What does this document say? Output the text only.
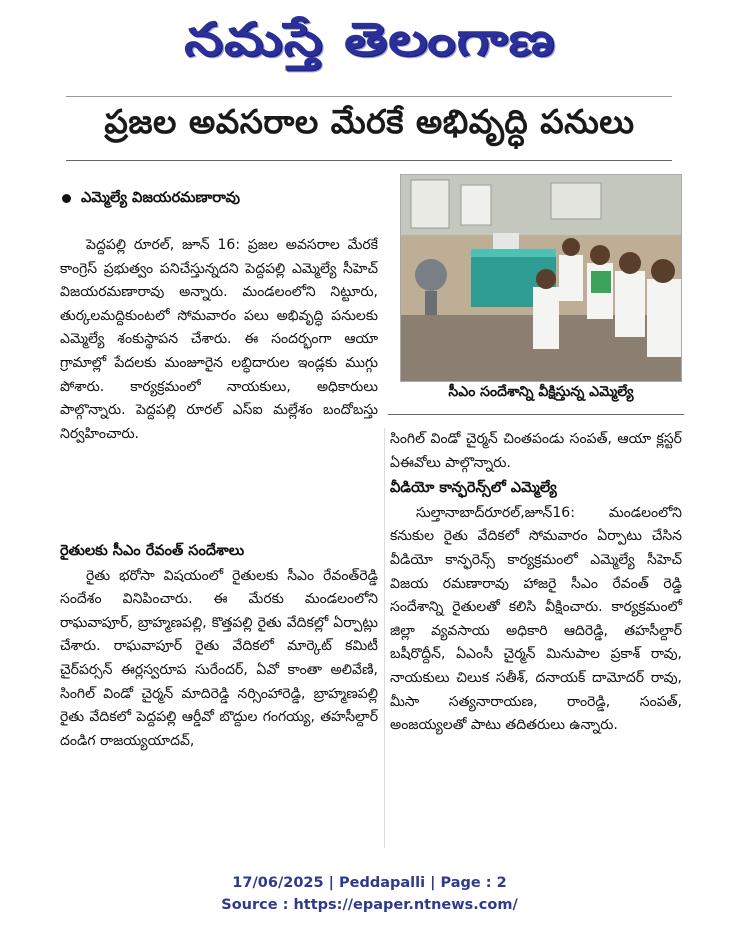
నమస్తే తెలంగాణ
ప్రజల అవసరాల మేరకే అభివృద్ధి పనులు
ఎమ్మెల్యే విజయరమణారావు

పెద్దపల్లి రూరల్, జూన్ 16: ప్రజల అవసరాల మేరకే కాంగ్రెస్ ప్రభుత్వం పనిచేస్తున్నదని పెద్దపల్లి ఎమ్మెల్యే సీహెచ్ విజయరమణారావు అన్నారు. మండలంలోని నిట్టూరు, తుర్కలమద్దికుంటలో సోమవారం పలు అభివృద్ధి పనులకు ఎమ్మెల్యే శంకుస్థాపన చేశారు. ఈ సందర్భంగా ఆయా గ్రామాల్లో పేదలకు మంజూరైన లబ్ధిదారుల ఇండ్లకు ముగ్గు పోశారు. కార్యక్రమంలో నాయకులు, అధికారులు పాల్గొన్నారు. పెద్దపల్లి రూరల్ ఎస్ఐ మల్లేశం బందోబస్తు నిర్వహించారు.

రైతులకు సీఎం రేవంత్ సందేశాలు

రైతు భరోసా విషయంలో రైతులకు సీఎం రేవంత్‌రెడ్డి సందేశం వినిపించారు. ఈ మేరకు మండలంలోని రాఘవాపూర్, బ్రాహ్మణపల్లి, కొత్తపల్లి రైతు వేదికల్లో ఏర్పాట్లు చేశారు. రాఘవాపూర్ రైతు వేదికలో మార్కెట్ కమిటీ చైర్‌పర్సన్ ఈర్లస్వరూప సురేందర్, ఏవో కాంతా అలివేణి, సింగిల్ విండో చైర్మన్ మాదిరెడ్డి నర్సింహారెడ్డి, బ్రాహ్మణపల్లి రైతు వేదికలో పెద్దపల్లి ఆర్డీవో బొద్దుల గంగయ్య, తహసీల్దార్ దండిగ రాజయ్యయాదవ్,

సీఎం సందేశాన్ని వీక్షిస్తున్న ఎమ్మెల్యే

సింగిల్ విండో చైర్మన్ చింతపండు సంపత్, ఆయా క్లస్టర్ ఏఈవోలు పాల్గొన్నారు.

వీడియో కాన్ఫరెన్స్‌లో ఎమ్మెల్యే

సుల్తానాబాద్‌రూరల్,జూన్16: మండలంలోని కనుకుల రైతు వేదికలో సోమవారం ఏర్పాటు చేసిన వీడియో కాన్ఫరెన్స్ కార్యక్రమంలో ఎమ్మెల్యే సీహెచ్ విజయ రమణారావు హాజరై సీఎం రేవంత్ రెడ్డి సందేశాన్ని రైతులతో కలిసి వీక్షించారు. కార్యక్రమంలో జిల్లా వ్యవసాయ అధికారి ఆదిరెడ్డి, తహసీల్దార్ బషీరొద్దీన్, ఏఎంసీ చైర్మన్ మినుపాల ప్రకాశ్ రావు, నాయకులు చిలుక సతీశ్, దనాయక్ దామోదర్ రావు, మీసా సత్యనారాయణ, రాంరెడ్డి, సంపత్, అంజయ్యలతో పాటు తదితరులు ఉన్నారు.

17/06/2025 | Peddapalli | Page : 2
Source : https://epaper.ntnews.com/
